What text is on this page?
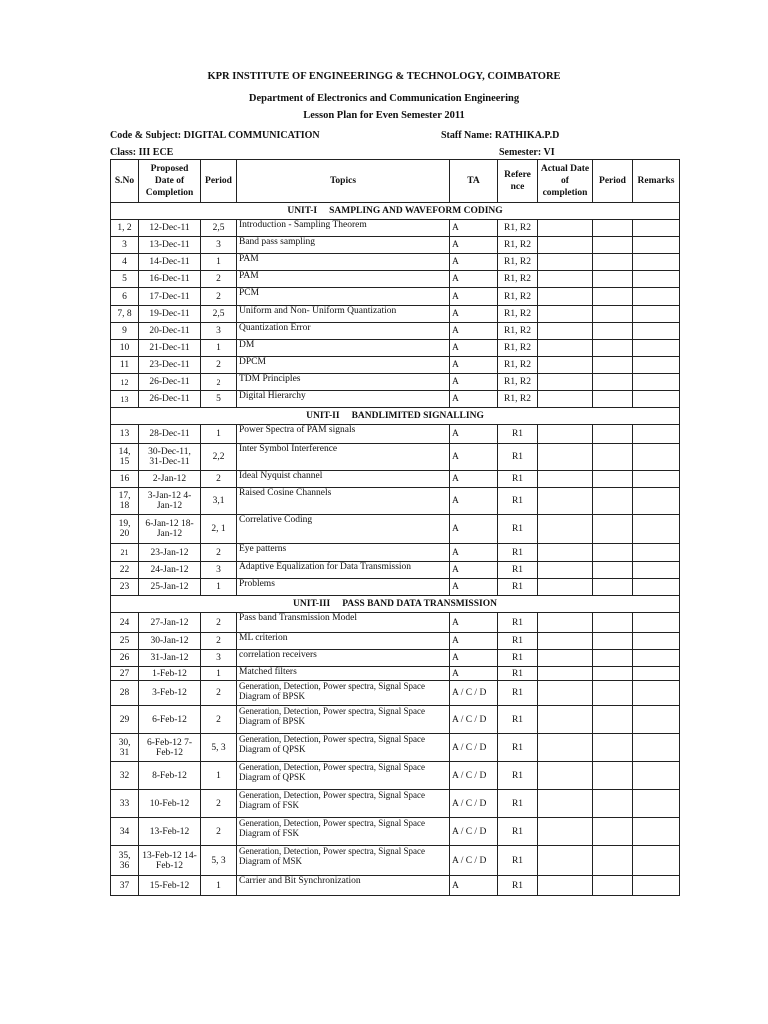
KPR INSTITUTE OF ENGINEERINGG & TECHNOLOGY, COIMBATORE
Department of Electronics and Communication Engineering
Lesson Plan for Even Semester 2011
Code & Subject: DIGITAL COMMUNICATION	Staff Name: RATHIKA.P.D
Class: III ECE	Semester: VI
S.No	Proposed Date of Completion	Period	Topics	TA	Refere nce	Actual Date of completion	Period	Remarks
UNIT-I SAMPLING AND WAVEFORM CODING								
1, 2	12-Dec-11	2,5	Introduction - Sampling Theorem	A	R1, R2			
3	13-Dec-11	3	Band pass sampling	A	R1, R2			
4	14-Dec-11	1	PAM	A	R1, R2			
5	16-Dec-11	2	PAM	A	R1, R2			
6	17-Dec-11	2	PCM	A	R1, R2			
7, 8	19-Dec-11	2,5	Uniform and Non- Uniform Quantization	A	R1, R2			
9	20-Dec-11	3	Quantization Error	A	R1, R2			
10	21-Dec-11	1	DM	A	R1, R2			
11	23-Dec-11	2	DPCM	A	R1, R2			
12	26-Dec-11	2	TDM Principles	A	R1, R2			
13	26-Dec-11	5	Digital Hierarchy	A	R1, R2			
UNIT-II BANDLIMITED SIGNALLING								
13	28-Dec-11	1	Power Spectra of PAM signals	A	R1			
14, 15	30-Dec-11, 31-Dec-11	2,2	Inter Symbol Interference	A	R1			
16	2-Jan-12	2	Ideal Nyquist channel	A	R1			
17, 18	3-Jan-12 4-Jan-12	3,1	Raised Cosine Channels	A	R1			
19, 20	6-Jan-12 18-Jan-12	2, 1	Correlative Coding	A	R1			
21	23-Jan-12	2	Eye patterns	A	R1			
22	24-Jan-12	3	Adaptive Equalization for Data Transmission	A	R1			
23	25-Jan-12	1	Problems	A	R1			
UNIT-III PASS BAND DATA TRANSMISSION								
24	27-Jan-12	2	Pass band Transmission Model	A	R1			
25	30-Jan-12	2	ML criterion	A	R1			
26	31-Jan-12	3	correlation receivers	A	R1			
27	1-Feb-12	1	Matched filters	A	R1			
28	3-Feb-12	2	Generation, Detection, Power spectra, Signal Space Diagram of BPSK	A / C / D	R1			
29	6-Feb-12	2	Generation, Detection, Power spectra, Signal Space Diagram of BPSK	A / C / D	R1			
30, 31	6-Feb-12 7-Feb-12	5, 3	Generation, Detection, Power spectra, Signal Space Diagram of QPSK	A / C / D	R1			
32	8-Feb-12	1	Generation, Detection, Power spectra, Signal Space Diagram of QPSK	A / C / D	R1			
33	10-Feb-12	2	Generation, Detection, Power spectra, Signal Space Diagram of FSK	A / C / D	R1			
34	13-Feb-12	2	Generation, Detection, Power spectra, Signal Space Diagram of FSK	A / C / D	R1			
35, 36	13-Feb-12 14-Feb-12	5, 3	Generation, Detection, Power spectra, Signal Space Diagram of MSK	A / C / D	R1			
37	15-Feb-12	1	Carrier and Bit Synchronization	A	R1			
